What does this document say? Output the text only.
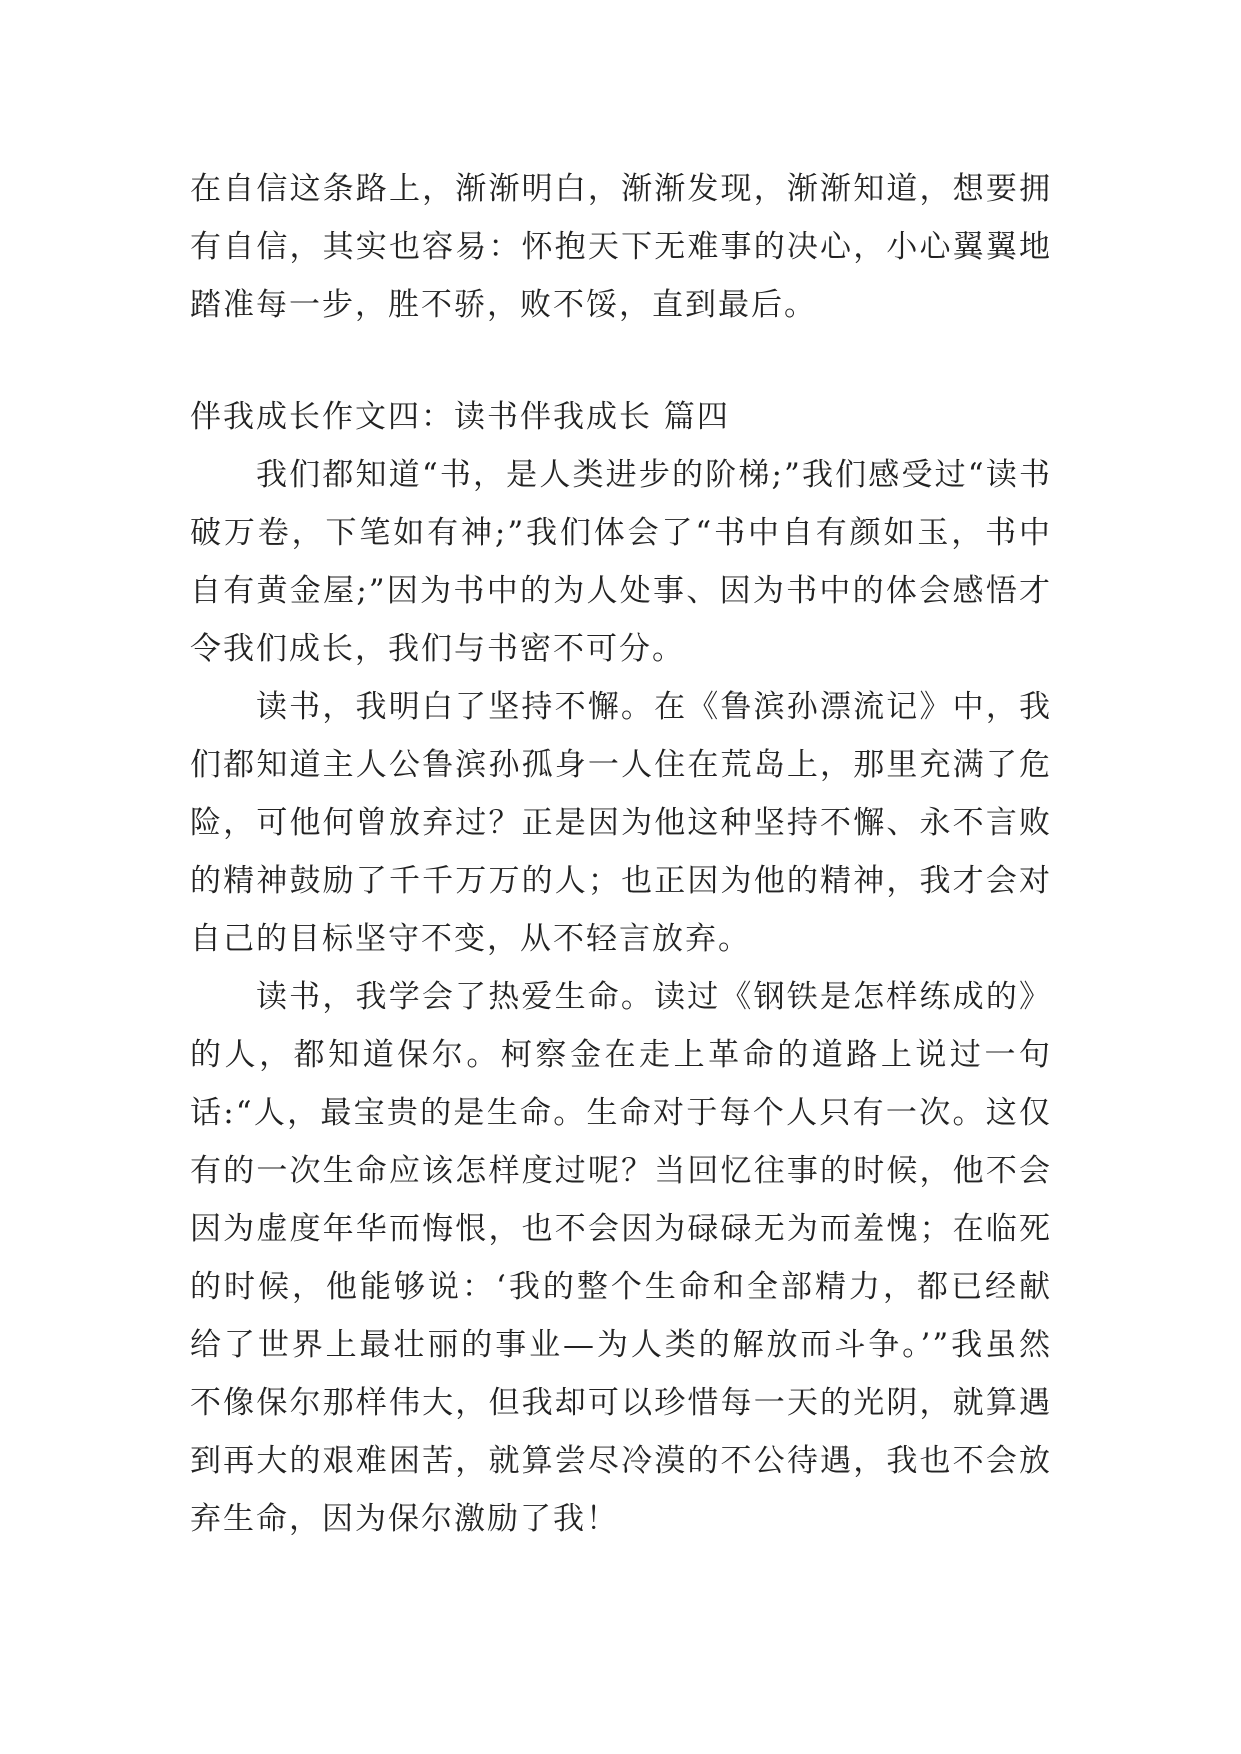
在自信这条路上，渐渐明白，渐渐发现，渐渐知道，想要拥有自信，其实也容易：怀抱天下无难事的决心，小心翼翼地踏准每一步，胜不骄，败不馁，直到最后。

伴我成长作文四：读书伴我成长 篇四

我们都知道“书，是人类进步的阶梯;”我们感受过“读书破万卷，下笔如有神;”我们体会了“书中自有颜如玉，书中自有黄金屋;”因为书中的为人处事、因为书中的体会感悟才令我们成长，我们与书密不可分。

读书，我明白了坚持不懈。在《鲁滨孙漂流记》中，我们都知道主人公鲁滨孙孤身一人住在荒岛上，那里充满了危险，可他何曾放弃过？正是因为他这种坚持不懈、永不言败的精神鼓励了千千万万的人；也正因为他的精神，我才会对自己的目标坚守不变，从不轻言放弃。

读书，我学会了热爱生命。读过《钢铁是怎样练成的》的人，都知道保尔。柯察金在走上革命的道路上说过一句话:“人，最宝贵的是生命。生命对于每个人只有一次。这仅有的一次生命应该怎样度过呢？当回忆往事的时候，他不会因为虚度年华而悔恨，也不会因为碌碌无为而羞愧；在临死的时候，他能够说：‘我的整个生命和全部精力，都已经献给了世界上最壮丽的事业—为人类的解放而斗争。’”我虽然不像保尔那样伟大，但我却可以珍惜每一天的光阴，就算遇到再大的艰难困苦，就算尝尽冷漠的不公待遇，我也不会放弃生命，因为保尔激励了我！
